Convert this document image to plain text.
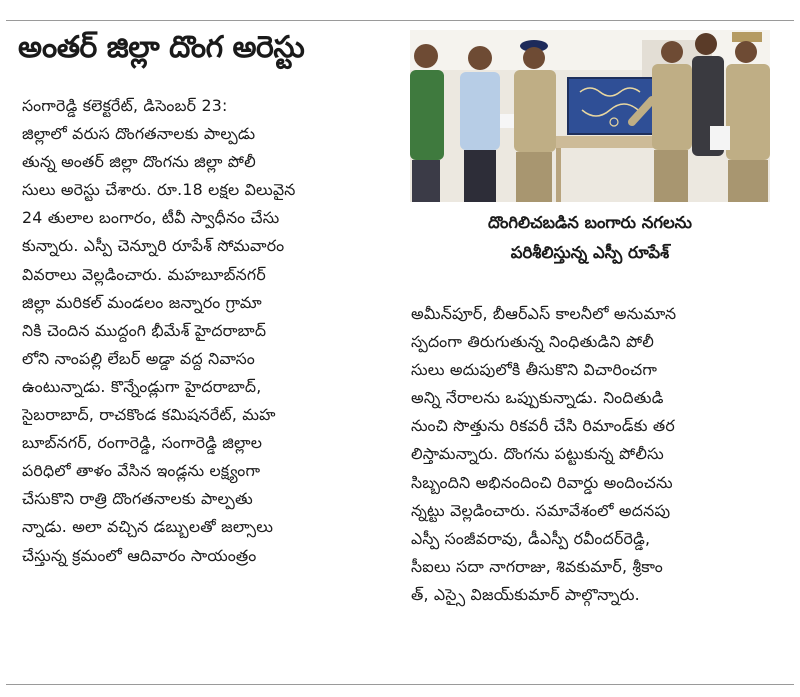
అంతర్ జిల్లా దొంగ అరెస్టు
సంగారెడ్డి కలెక్టరేట్, డిసెంబర్ 23:
జిల్లాలో వరుస దొంగతనాలకు పాల్పడు
తున్న అంతర్ జిల్లా దొంగను జిల్లా పోలీ
సులు అరెస్టు చేశారు. రూ.18 లక్షల విలువైన
24 తులాల బంగారం, టీవీ స్వాధీనం చేసు
కున్నారు. ఎస్పీ చెన్నూరి రూపేశ్ సోమవారం
వివరాలు వెల్లడించారు. మహబూబ్‌నగర్
జిల్లా మరికల్ మండలం జన్నారం గ్రామా
నికి చెందిన ముద్దంగి భీమేశ్ హైదరాబాద్
లోని నాంపల్లి లేబర్ అడ్డా వద్ద నివాసం
ఉంటున్నాడు. కొన్నేండ్లుగా హైదరాబాద్,
సైబరాబాద్, రాచకొండ కమిషనరేట్, మహ
బూబ్‌నగర్, రంగారెడ్డి, సంగారెడ్డి జిల్లాల
పరిధిలో తాళం వేసిన ఇండ్లను లక్ష్యంగా
చేసుకొని రాత్రి దొంగతనాలకు పాల్పతు
న్నాడు. అలా వచ్చిన డబ్బులతో జల్సాలు
చేస్తున్న క్రమంలో ఆదివారం సాయంత్రం
దొంగిలిచబడిన బంగారు నగలను
పరిశీలిస్తున్న ఎస్పీ రూపేశ్
అమీన్‌పూర్, బీఆర్ఎస్ కాలనీలో అనుమాన
స్పదంగా తిరుగుతున్న నింధితుడిని పోలీ
సులు అదుపులోకి తీసుకొని విచారించగా
అన్ని నేరాలను ఒప్పుకున్నాడు. నిందితుడి
నుంచి సొత్తును రికవరీ చేసి రిమాండ్‌కు తర
లిస్తామన్నారు. దొంగను పట్టుకున్న పోలీసు
సిబ్బందిని అభినందించి రివార్డు అందించను
న్నట్టు వెల్లడించారు. సమావేశంలో అదనపు
ఎస్పీ సంజీవరావు, డీఎస్పీ రవీందర్‌రెడ్డి,
సీఐలు సదా నాగరాజు, శివకుమార్, శ్రీకాం
త్, ఎస్సై విజయ్‌కుమార్ పాల్గొన్నారు.
